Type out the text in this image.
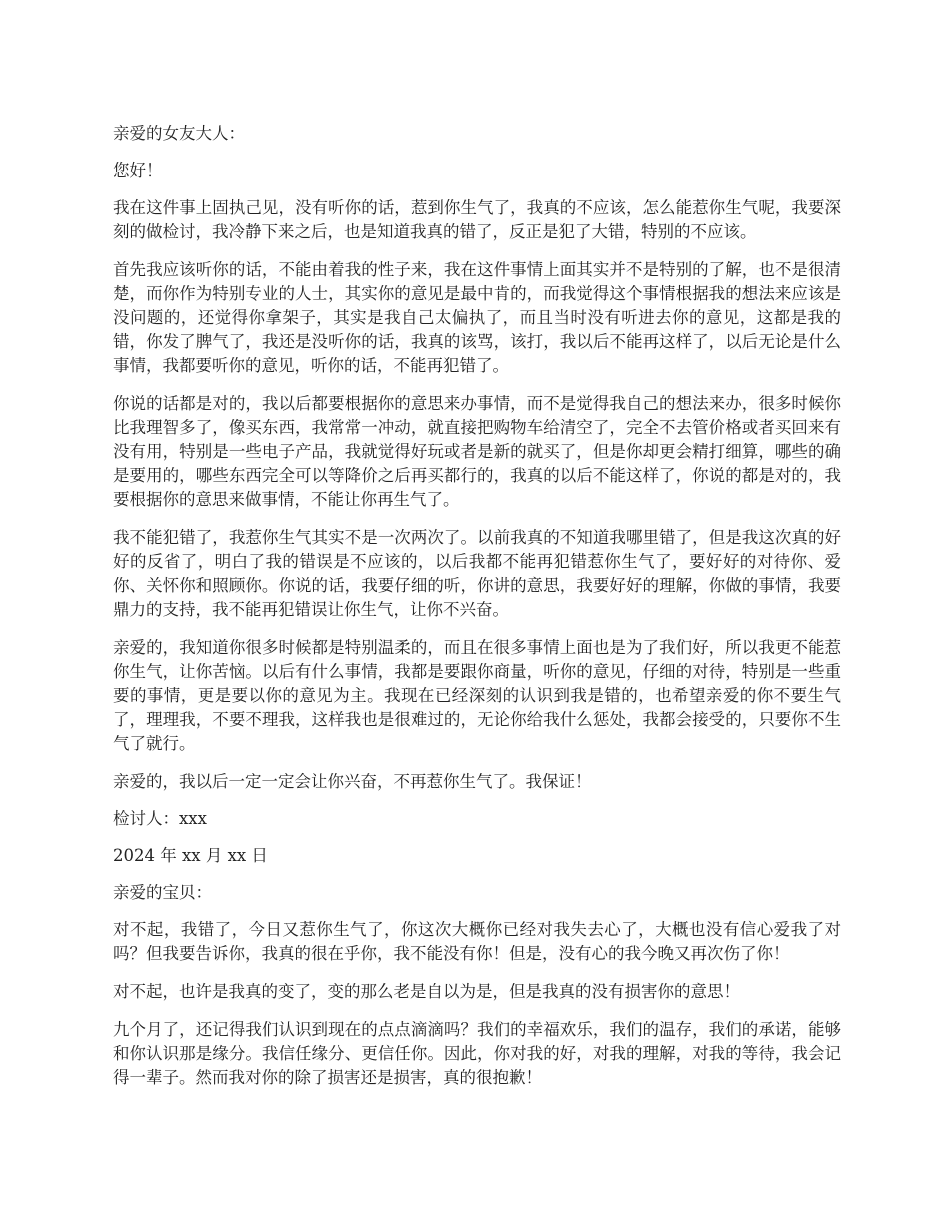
亲爱的女友大人：

您好！

我在这件事上固执己见，没有听你的话，惹到你生气了，我真的不应该，怎么能惹你生气呢，我要深刻的做检讨，我冷静下来之后，也是知道我真的错了，反正是犯了大错，特别的不应该。

首先我应该听你的话，不能由着我的性子来，我在这件事情上面其实并不是特别的了解，也不是很清楚，而你作为特别专业的人士，其实你的意见是最中肯的，而我觉得这个事情根据我的想法来应该是没问题的，还觉得你拿架子，其实是我自己太偏执了，而且当时没有听进去你的意见，这都是我的错，你发了脾气了，我还是没听你的话，我真的该骂，该打，我以后不能再这样了，以后无论是什么事情，我都要听你的意见，听你的话，不能再犯错了。

你说的话都是对的，我以后都要根据你的意思来办事情，而不是觉得我自己的想法来办，很多时候你比我理智多了，像买东西，我常常一冲动，就直接把购物车给清空了，完全不去管价格或者买回来有没有用，特别是一些电子产品，我就觉得好玩或者是新的就买了，但是你却更会精打细算，哪些的确是要用的，哪些东西完全可以等降价之后再买都行的，我真的以后不能这样了，你说的都是对的，我要根据你的意思来做事情，不能让你再生气了。

我不能犯错了，我惹你生气其实不是一次两次了。以前我真的不知道我哪里错了，但是我这次真的好好的反省了，明白了我的错误是不应该的，以后我都不能再犯错惹你生气了，要好好的对待你、爱你、关怀你和照顾你。你说的话，我要仔细的听，你讲的意思，我要好好的理解，你做的事情，我要鼎力的支持，我不能再犯错误让你生气，让你不兴奋。

亲爱的，我知道你很多时候都是特别温柔的，而且在很多事情上面也是为了我们好，所以我更不能惹你生气，让你苦恼。以后有什么事情，我都是要跟你商量，听你的意见，仔细的对待，特别是一些重要的事情，更是要以你的意见为主。我现在已经深刻的认识到我是错的，也希望亲爱的你不要生气了，理理我，不要不理我，这样我也是很难过的，无论你给我什么惩处，我都会接受的，只要你不生气了就行。

亲爱的，我以后一定一定会让你兴奋，不再惹你生气了。我保证！

检讨人：xxx

2024 年 xx 月 xx 日

亲爱的宝贝：

对不起，我错了，今日又惹你生气了，你这次大概你已经对我失去心了，大概也没有信心爱我了对吗？但我要告诉你，我真的很在乎你，我不能没有你！但是，没有心的我今晚又再次伤了你！

对不起，也许是我真的变了，变的那么老是自以为是，但是我真的没有损害你的意思！

九个月了，还记得我们认识到现在的点点滴滴吗？我们的幸福欢乐，我们的温存，我们的承诺，能够和你认识那是缘分。我信任缘分、更信任你。因此，你对我的好，对我的理解，对我的等待，我会记得一辈子。然而我对你的除了损害还是损害，真的很抱歉！
